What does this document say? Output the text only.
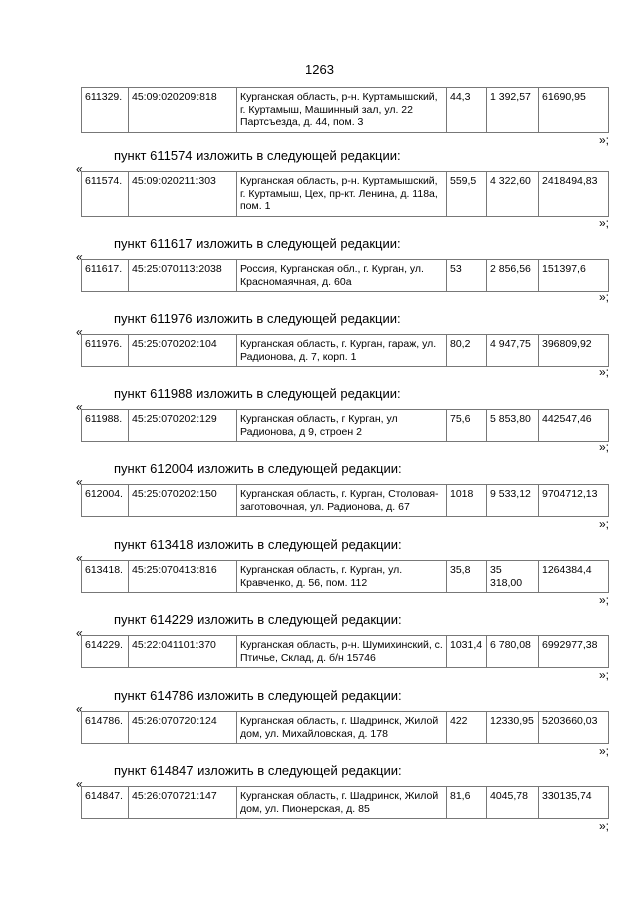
1263
611329.	45:09:020209:818	Курганская область, р-н. Куртамышский, г. Куртамыш, Машинный зал, ул. 22 Партсъезда, д. 44, пом. 3	44,3	1 392,57	61690,95
»;
пункт 611574 изложить в следующей редакции:
«
611574.	45:09:020211:303	Курганская область, р-н. Куртамышский, г. Куртамыш, Цех, пр-кт. Ленина, д. 118а, пом. 1	559,5	4 322,60	2418494,83
»;
пункт 611617 изложить в следующей редакции:
«
611617.	45:25:070113:2038	Россия, Курганская обл., г. Курган, ул. Красномаячная, д. 60а	53	2 856,56	151397,6
»;
пункт 611976 изложить в следующей редакции:
«
611976.	45:25:070202:104	Курганская область, г. Курган, гараж, ул. Радионова, д. 7, корп. 1	80,2	4 947,75	396809,92
»;
пункт 611988 изложить в следующей редакции:
«
611988.	45:25:070202:129	Курганская область, г Курган, ул Радионова, д 9, строен 2	75,6	5 853,80	442547,46
»;
пункт 612004 изложить в следующей редакции:
«
612004.	45:25:070202:150	Курганская область, г. Курган, Столовая-заготовочная, ул. Радионова, д. 67	1018	9 533,12	9704712,13
»;
пункт 613418 изложить в следующей редакции:
«
613418.	45:25:070413:816	Курганская область, г. Курган, ул. Кравченко, д. 56, пом. 112	35,8	35 318,00	1264384,4
»;
пункт 614229 изложить в следующей редакции:
«
614229.	45:22:041101:370	Курганская область, р-н. Шумихинский, с. Птичье, Склад, д. б/н 15746	1031,4	6 780,08	6992977,38
»;
пункт 614786 изложить в следующей редакции:
«
614786.	45:26:070720:124	Курганская область, г. Шадринск, Жилой дом, ул. Михайловская, д. 178	422	12330,95	5203660,03
»;
пункт 614847 изложить в следующей редакции:
«
614847.	45:26:070721:147	Курганская область, г. Шадринск, Жилой дом, ул. Пионерская, д. 85	81,6	4045,78	330135,74
»;
